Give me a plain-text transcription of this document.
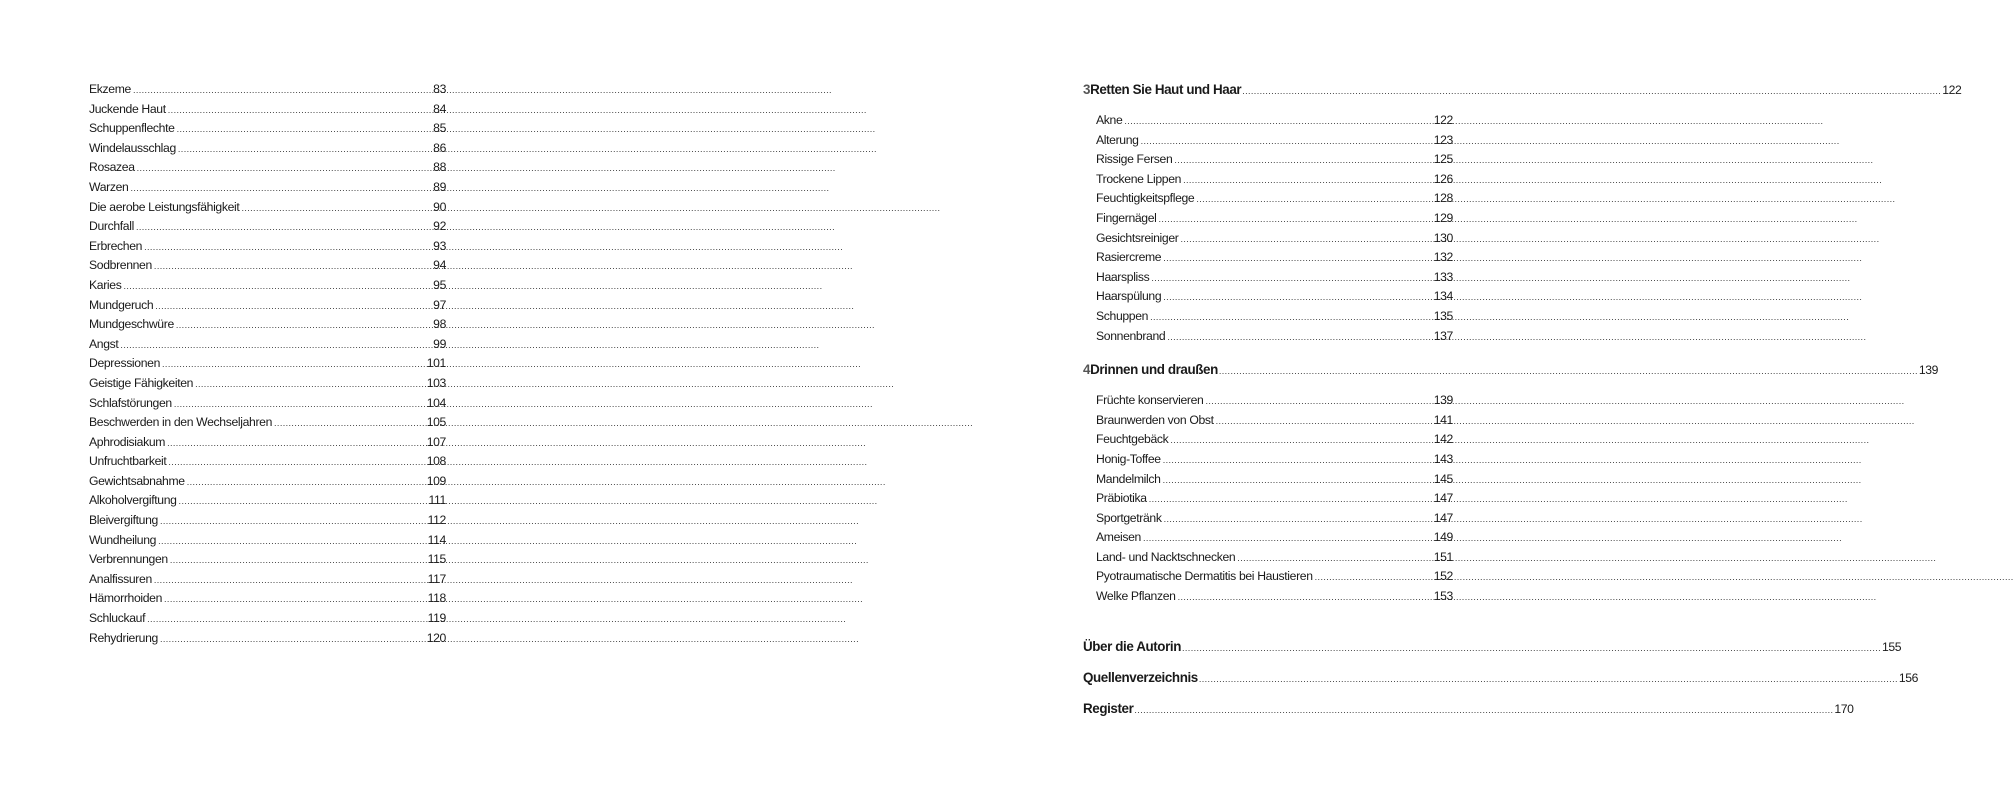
Ekzeme .....	83
Juckende Haut .....	84
Schuppenflechte .....	85
Windelausschlag .....	86
Rosazea .....	88
Warzen .....	89
Die aerobe Leistungsfähigkeit .....	90
Durchfall .....	92
Erbrechen .....	93
Sodbrennen .....	94
Karies .....	95
Mundgeruch .....	97
Mundgeschwüre .....	98
Angst .....	99
Depressionen .....	101
Geistige Fähigkeiten .....	103
Schlafstörungen .....	104
Beschwerden in den Wechseljahren .....	105
Aphrodisiakum .....	107
Unfruchtbarkeit .....	108
Gewichtsabnahme .....	109
Alkoholvergiftung .....	111
Bleivergiftung .....	112
Wundheilung .....	114
Verbrennungen .....	115
Analfissuren .....	117
Hämorrhoiden .....	118
Schluckauf .....	119
Rehydrierung .....	120
3 Retten Sie Haut und Haar .....	122
Akne .....	122
Alterung .....	123
Rissige Fersen .....	125
Trockene Lippen .....	126
Feuchtigkeitspflege .....	128
Fingernägel .....	129
Gesichtsreiniger .....	130
Rasiercreme .....	132
Haarspliss .....	133
Haarspülung .....	134
Schuppen .....	135
Sonnenbrand .....	137
4 Drinnen und draußen .....	139
Früchte konservieren .....	139
Braunwerden von Obst .....	141
Feuchtgebäck .....	142
Honig-Toffee .....	143
Mandelmilch .....	145
Präbiotika .....	147
Sportgetränk .....	147
Ameisen .....	149
Land- und Nacktschnecken .....	151
Pyotraumatische Dermatitis bei Haustieren .....	152
Welke Pflanzen .....	153
Über die Autorin .....	155
Quellenverzeichnis .....	156
Register .....	170
